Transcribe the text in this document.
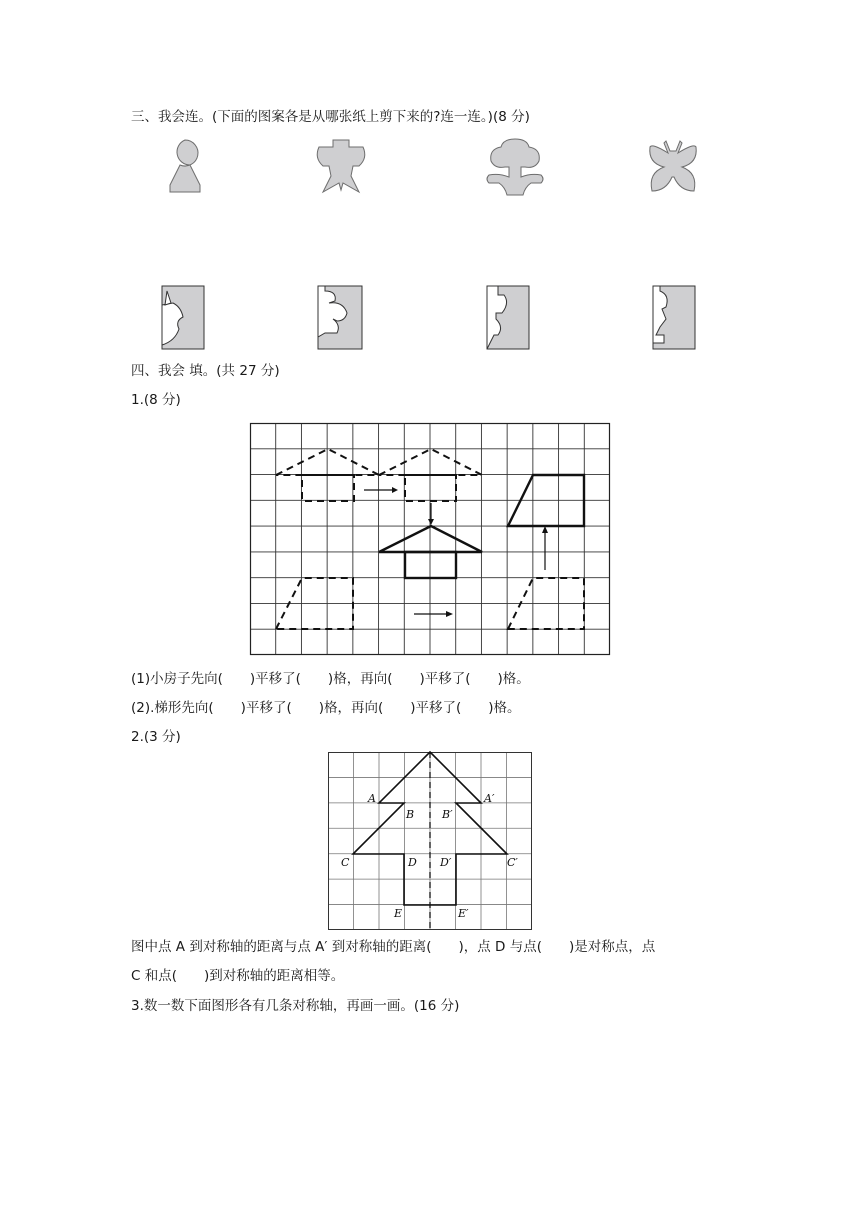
三、我会连。(下面的图案各是从哪张纸上剪下来的?连一连。)(8 分)
四、我会 填。(共 27 分)
1.(8 分)
(1)小房子先向(　　)平移了(　　)格，再向(　　)平移了(　　)格。
(2).梯形先向(　　)平移了(　　)格，再向(　　)平移了(　　)格。
2.(3 分)
A	A′
B	B′
C	C′
D D′
E	E′
图中点 A 到对称轴的距离与点 A′ 到对称轴的距离(　　)，点 D 与点(　　)是对称点，点
C 和点(　　)到对称轴的距离相等。
3.数一数下面图形各有几条对称轴，再画一画。(16 分)
